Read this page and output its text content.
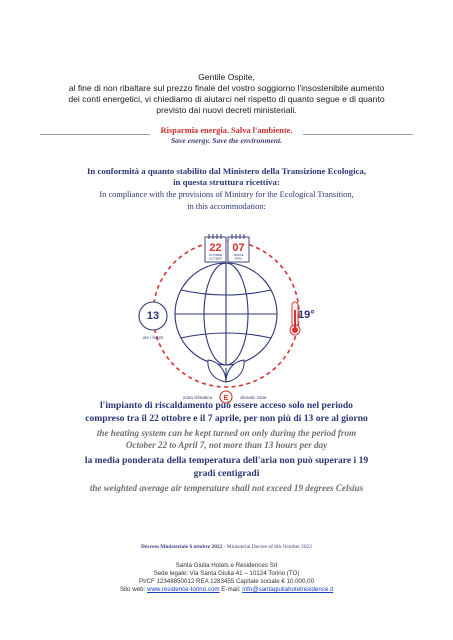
Gentile Ospite,

al fine di non ribaltare sul prezzo finale del vostro soggiorno l'insostenibile aumento

dei conti energetici, vi chiediamo di aiutarci nel rispetto di quanto segue e di quanto

previsto dai nuovi decreti ministeriali.

Risparmia energia. Salva l'ambiente.
Save energy. Save the environment.
In conformità a quanto stabilito dal Ministero della Transizione Ecologica,
in questa struttura ricettiva:
In compliance with the provisions of Ministry for the Ecological Transition,
in this accommodation:
22
OTTOBRE
OCTOBER
07
APRILE
APRIL
13
ore / hours
19°
zona climatica E	climatic zone
l'impianto di riscaldamento può essere acceso solo nel periodo
compreso tra il 22 ottobre e il 7 aprile, per non più di 13 ore al giorno
the heating system can be kept turned on only during the period from
October 22 to April 7, not more than 13 hours per day
la media ponderata della temperatura dell'aria non può superare i 19
gradi centigradi
the weighted average air temperature shall not exceed 19 degrees Celsius
Decreto Ministeriale 6 ottobre 2022 - Ministerial Decree of 6th October 2022

Santa Giulia Hotels e Residences Srl

Sede legale: Via Santa Giulia 41 – 10124 Torino (TO)

PI/CF 12348850012 REA 1283455 Capitale sociale € 10.000,00

Sito web: www.residence-torino.com E-mail: info@santagiuliahotelresidence.it
